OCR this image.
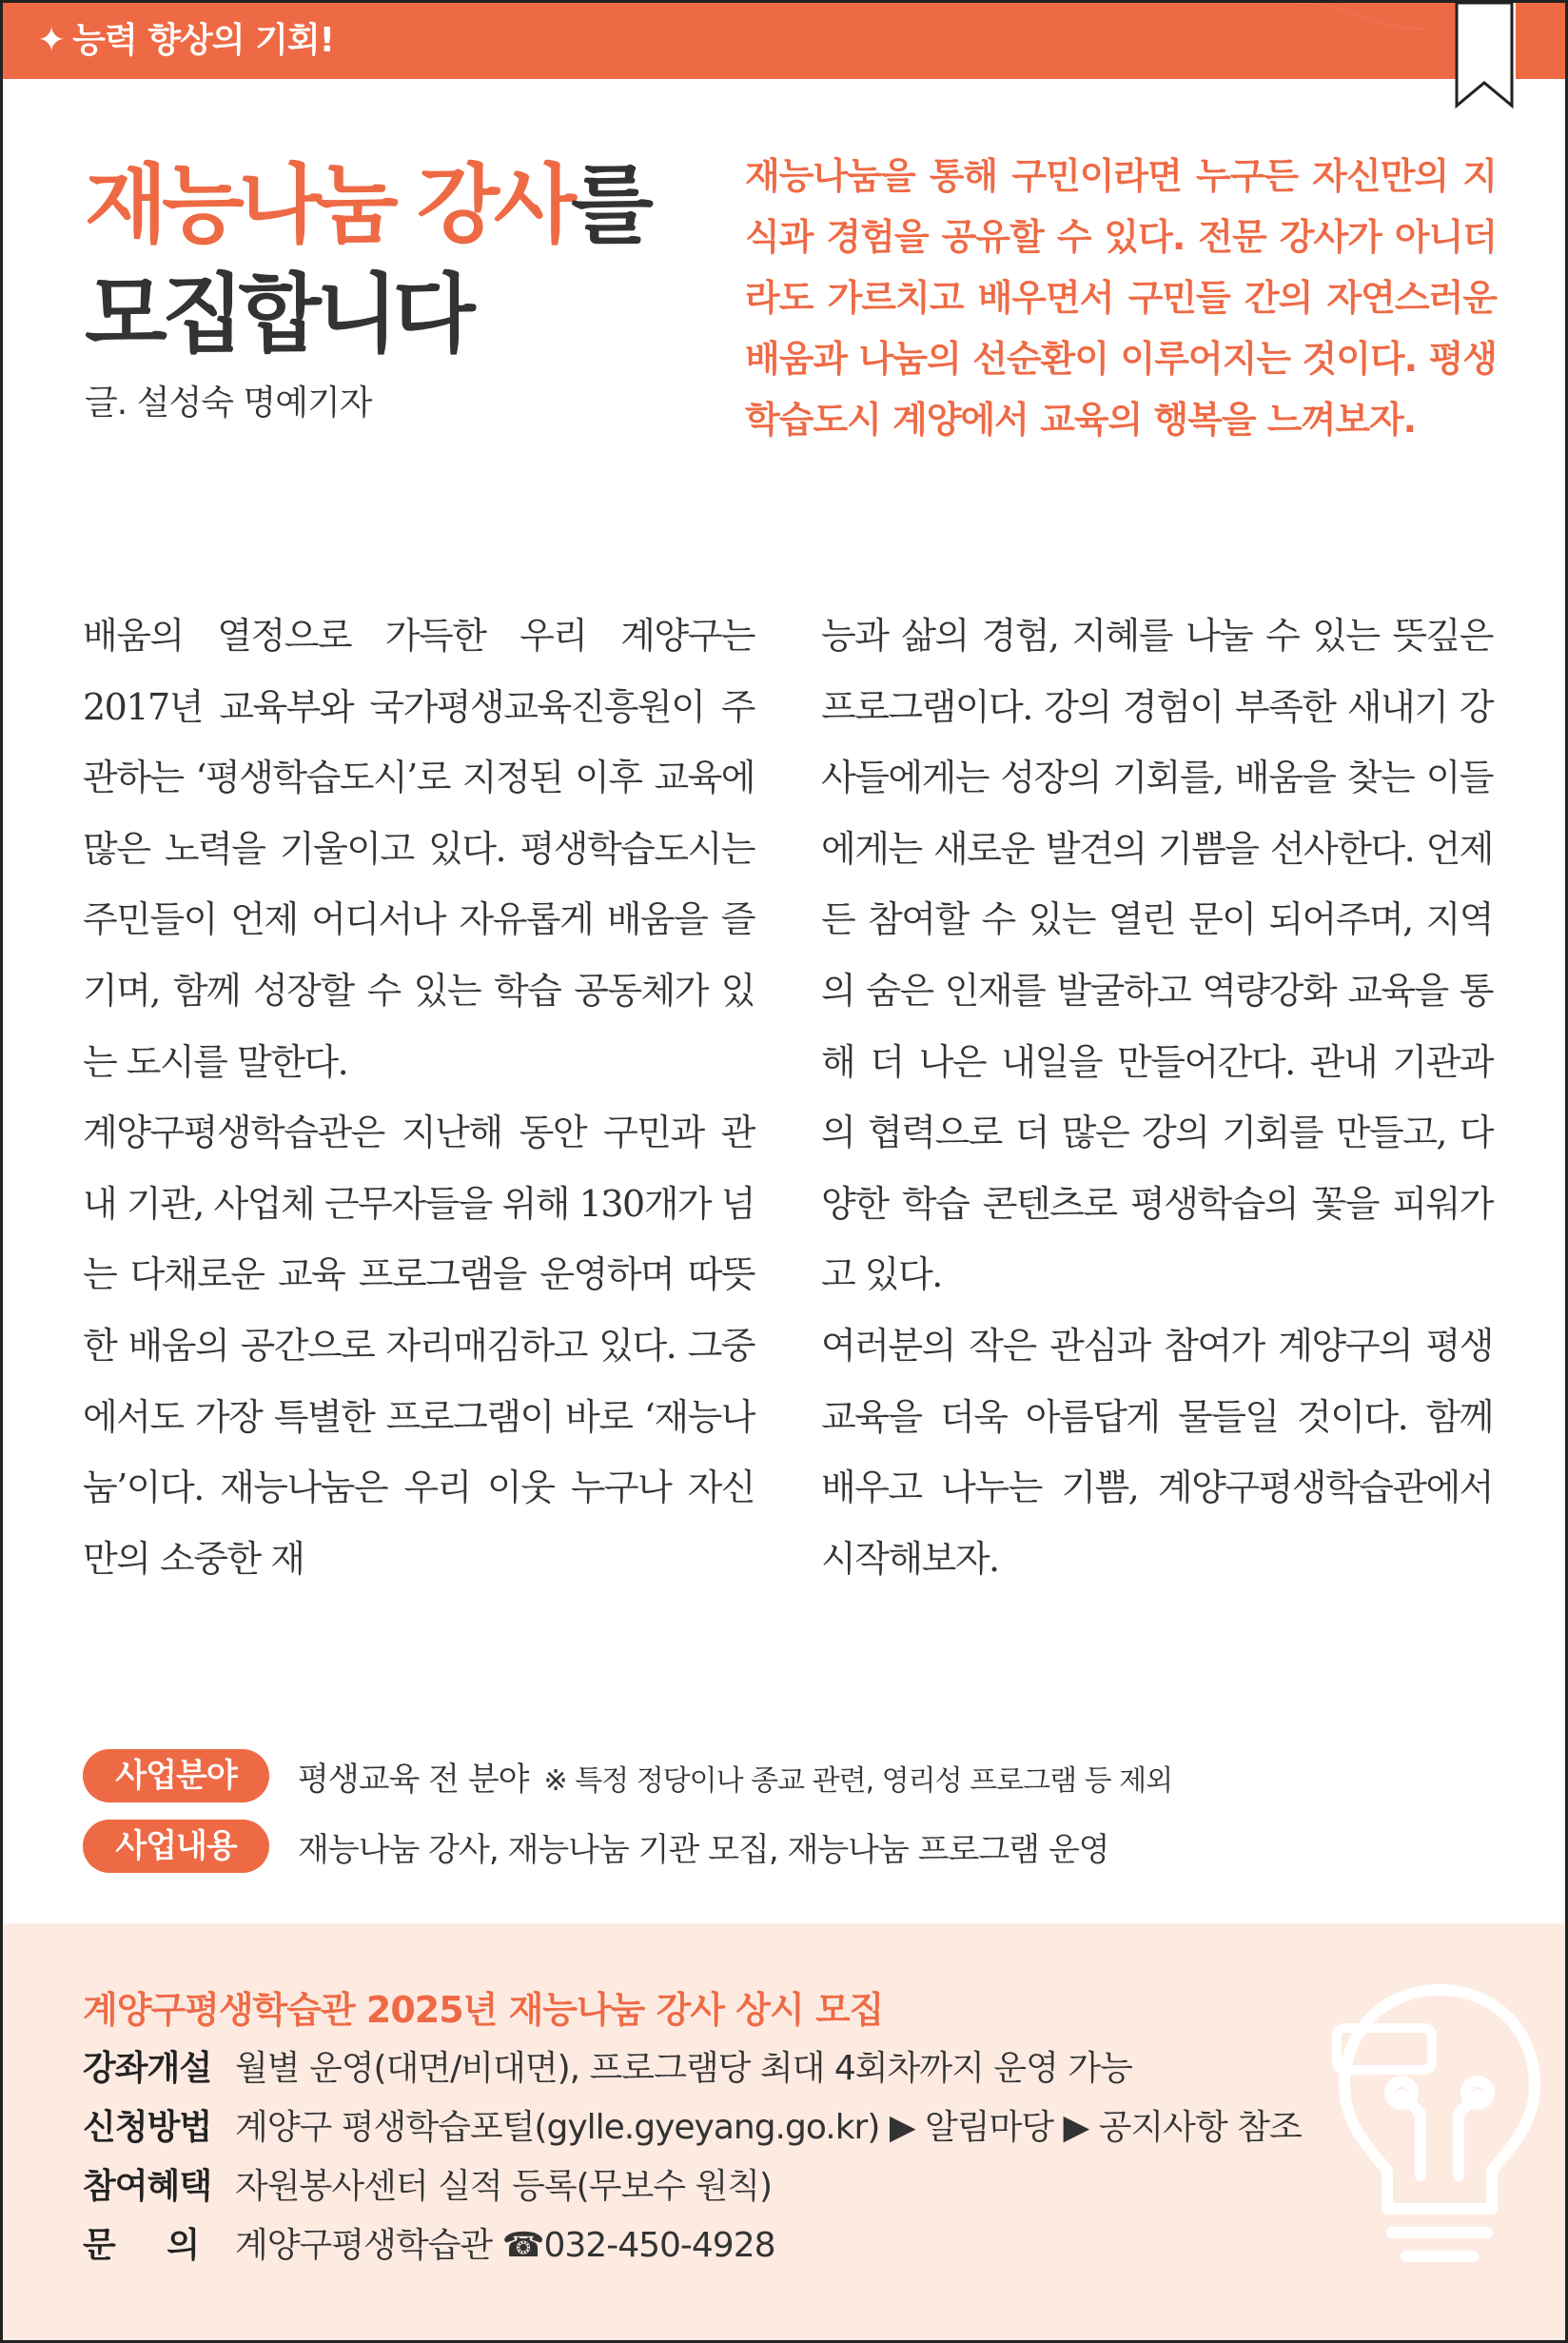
✦ 능력 향상의 기회!
재능나눔 강사를
모집합니다
글. 설성숙 명예기자
재능나눔을 통해 구민이라면 누구든 자신만의 지식과 경험을 공유할 수 있다. 전문 강사가 아니더라도 가르치고 배우면서 구민들 간의 자연스러운 배움과 나눔의 선순환이 이루어지는 것이다. 평생학습도시 계양에서 교육의 행복을 느껴보자.

배움의 열정으로 가득한 우리 계양구는 2017년 교육부와 국가평생교육진흥원이 주관하는 ‘평생학습도시’로 지정된 이후 교육에 많은 노력을 기울이고 있다. 평생학습도시는 주민들이 언제 어디서나 자유롭게 배움을 즐기며, 함께 성장할 수 있는 학습 공동체가 있는 도시를 말한다.

계양구평생학습관은 지난해 동안 구민과 관내 기관, 사업체 근무자들을 위해 130개가 넘는 다채로운 교육 프로그램을 운영하며 따뜻한 배움의 공간으로 자리매김하고 있다. 그중에서도 가장 특별한 프로그램이 바로 ‘재능나눔’이다. 재능나눔은 우리 이웃 누구나 자신만의 소중한 재

능과 삶의 경험, 지혜를 나눌 수 있는 뜻깊은 프로그램이다. 강의 경험이 부족한 새내기 강사들에게는 성장의 기회를, 배움을 찾는 이들에게는 새로운 발견의 기쁨을 선사한다. 언제든 참여할 수 있는 열린 문이 되어주며, 지역의 숨은 인재를 발굴하고 역량강화 교육을 통해 더 나은 내일을 만들어간다. 관내 기관과의 협력으로 더 많은 강의 기회를 만들고, 다양한 학습 콘텐츠로 평생학습의 꽃을 피워가고 있다.

여러분의 작은 관심과 참여가 계양구의 평생교육을 더욱 아름답게 물들일 것이다. 함께 배우고 나누는 기쁨, 계양구평생학습관에서 시작해보자.

사업분야	평생교육 전 분야 ※ 특정 정당이나 종교 관련, 영리성 프로그램 등 제외
사업내용	재능나눔 강사, 재능나눔 기관 모집, 재능나눔 프로그램 운영
계양구평생학습관 2025년 재능나눔 강사 상시 모집
강좌개설 월별 운영(대면/비대면), 프로그램당 최대 4회차까지 운영 가능
신청방법 계양구 평생학습포털(gylle.gyeyang.go.kr) ▶ 알림마당 ▶ 공지사항 참조
참여혜택 자원봉사센터 실적 등록(무보수 원칙)
문 의 계양구평생학습관 ☎032-450-4928
